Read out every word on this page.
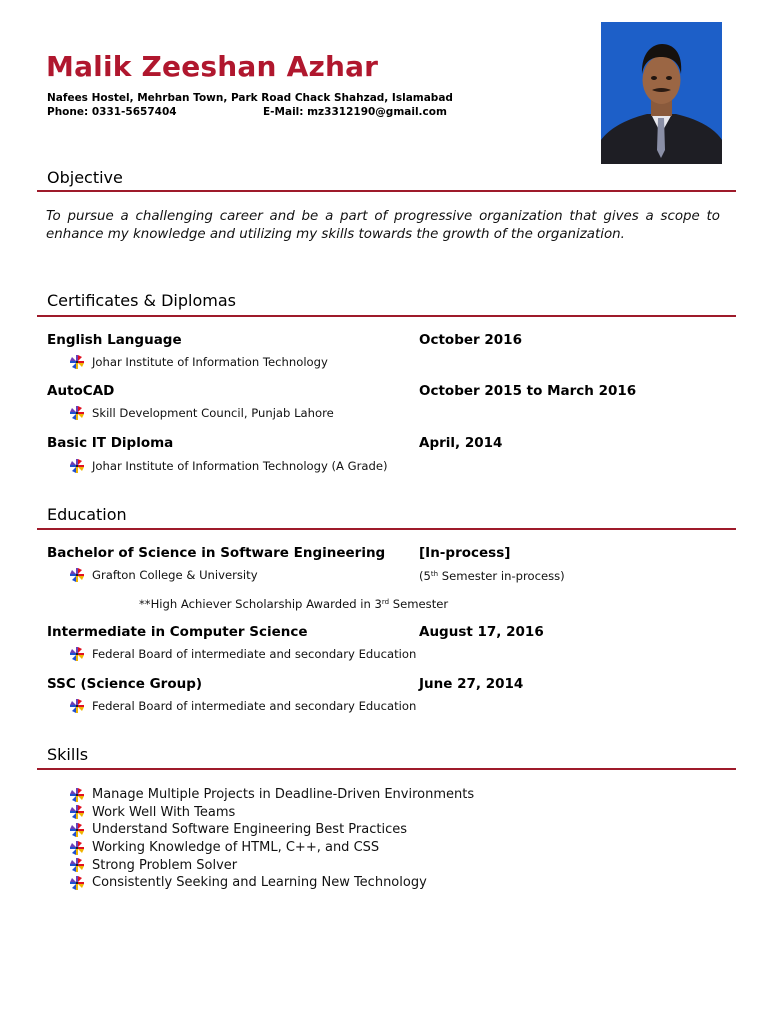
Malik Zeeshan Azhar
Nafees Hostel, Mehrban Town, Park Road Chack Shahzad, Islamabad
Phone: 0331-5657404	E-Mail: mz3312190@gmail.com
Objective
To pursue a challenging career and be a part of progressive organization that gives a scope to enhance my knowledge and utilizing my skills towards the growth of the organization.
Certificates & Diplomas
English Language	October 2016
Johar Institute of Information Technology
AutoCAD	October 2015 to March 2016
Skill Development Council, Punjab Lahore
Basic IT Diploma	April, 2014
Johar Institute of Information Technology (A Grade)
Education
Bachelor of Science in Software Engineering	[In-process]
Grafton College & University	(5th Semester in-process)
**High Achiever Scholarship Awarded in 3rd Semester
Intermediate in Computer Science	August 17, 2016
Federal Board of intermediate and secondary Education
SSC (Science Group)	June 27, 2014
Federal Board of intermediate and secondary Education
Skills
Manage Multiple Projects in Deadline-Driven Environments
Work Well With Teams
Understand Software Engineering Best Practices
Working Knowledge of HTML, C++, and CSS
Strong Problem Solver
Consistently Seeking and Learning New Technology
